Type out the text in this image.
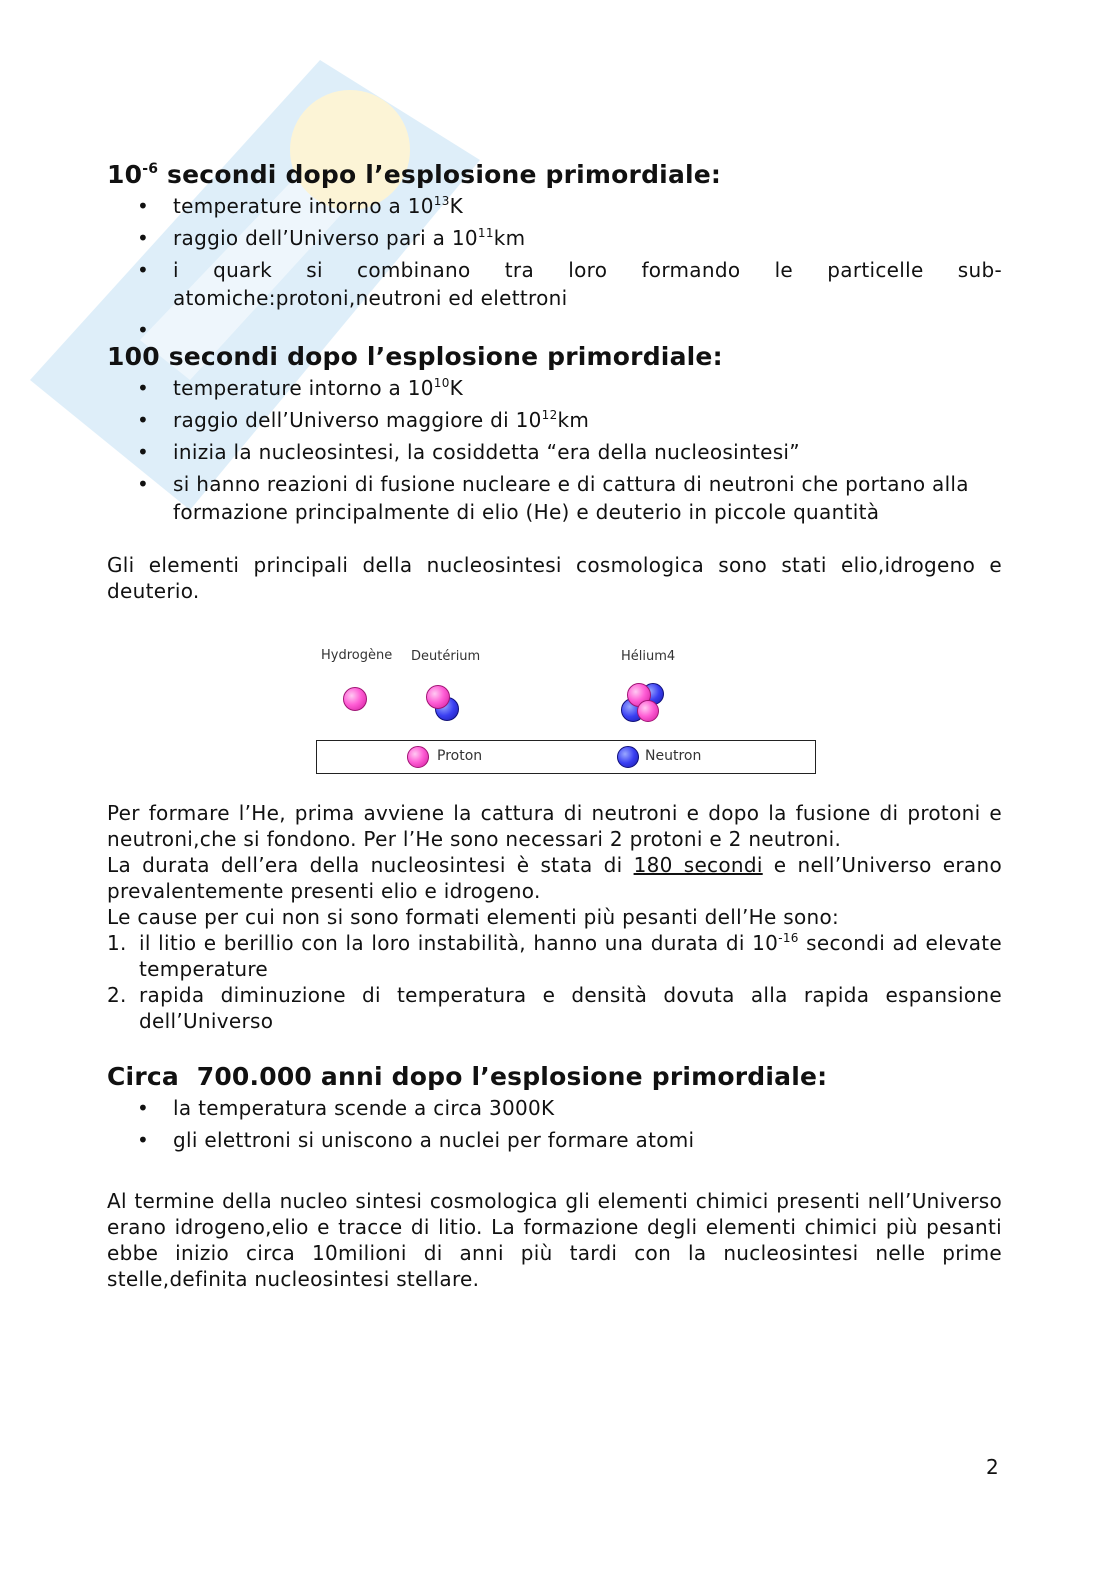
$10^{-6}$ secondi dopo l’esplosione primordiale:
• temperature intorno a $10^{13}K$
• raggio dell’Universo pari a $10^{11}km$
• i quark si combinano tra loro formando le particelle sub-atomiche:protoni,neutroni ed elettroni
•
100 secondi dopo l’esplosione primordiale:
• temperature intorno a $10^{10}K$
• raggio dell’Universo maggiore di $10^{12}km$
• inizia la nucleosintesi, la cosiddetta “era della nucleosintesi”
• si hanno reazioni di fusione nucleare e di cattura di neutroni che portano alla formazione principalmente di elio (He) e deuterio in piccole quantità

Gli elementi principali della nucleosintesi cosmologica sono stati elio,idrogeno e deuterio.

Hydrogène Deutérium	Hélium4
Proton	Neutron

Per formare l’He, prima avviene la cattura di neutroni e dopo la fusione di protoni e neutroni,che si fondono. Per l’He sono necessari 2 protoni e 2 neutroni.

La durata dell’era della nucleosintesi è stata di 180 secondi e nell’Universo erano prevalentemente presenti elio e idrogeno.

Le cause per cui non si sono formati elementi più pesanti dell’He sono:

1. il litio e berillio con la loro instabilità, hanno una durata di $10^{-16}$ secondi ad elevate temperature
2. rapida diminuzione di temperatura e densità dovuta alla rapida espansione dell’Universo
Circa  700.000 anni dopo l’esplosione primordiale:
• la temperatura scende a circa 3000K
• gli elettroni si uniscono a nuclei per formare atomi

Al termine della nucleo sintesi cosmologica gli elementi chimici presenti nell’Universo erano idrogeno,elio e tracce di litio. La formazione degli elementi chimici più pesanti ebbe inizio circa 10milioni di anni più tardi con la nucleosintesi nelle prime stelle,definita nucleosintesi stellare.

2
